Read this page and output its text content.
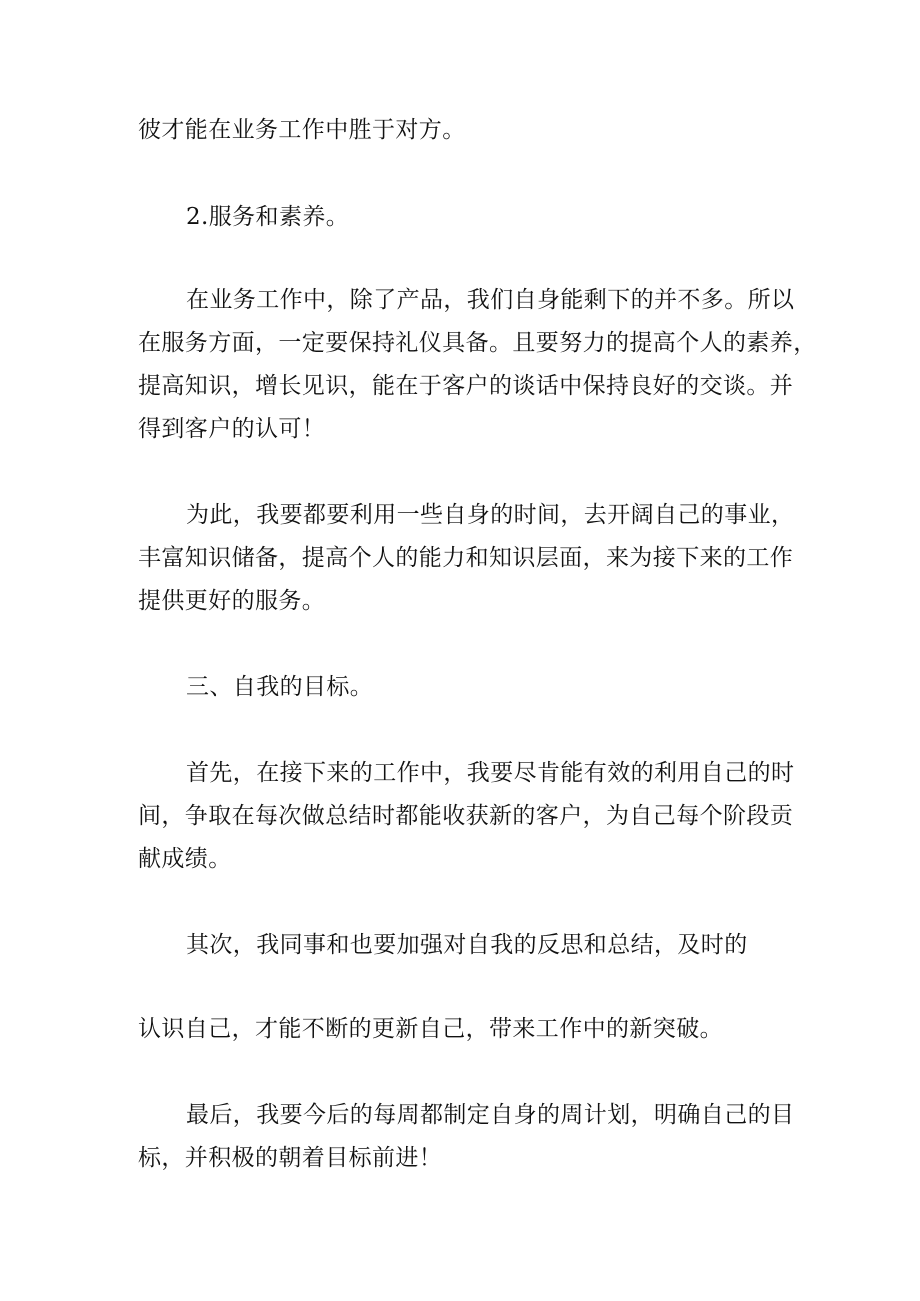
彼才能在业务工作中胜于对方。
2.服务和素养。
在业务工作中，除了产品，我们自身能剩下的并不多。所以
在服务方面，一定要保持礼仪具备。且要努力的提高个人的素养，
提高知识，增长见识，能在于客户的谈话中保持良好的交谈。并
得到客户的认可！
为此，我要都要利用一些自身的时间，去开阔自己的事业，
丰富知识储备，提高个人的能力和知识层面，来为接下来的工作
提供更好的服务。
三、自我的目标。
首先，在接下来的工作中，我要尽肯能有效的利用自己的时
间，争取在每次做总结时都能收获新的客户，为自己每个阶段贡
献成绩。
其次，我同事和也要加强对自我的反思和总结，及时的
认识自己，才能不断的更新自己，带来工作中的新突破。
最后，我要今后的每周都制定自身的周计划，明确自己的目
标，并积极的朝着目标前进！
